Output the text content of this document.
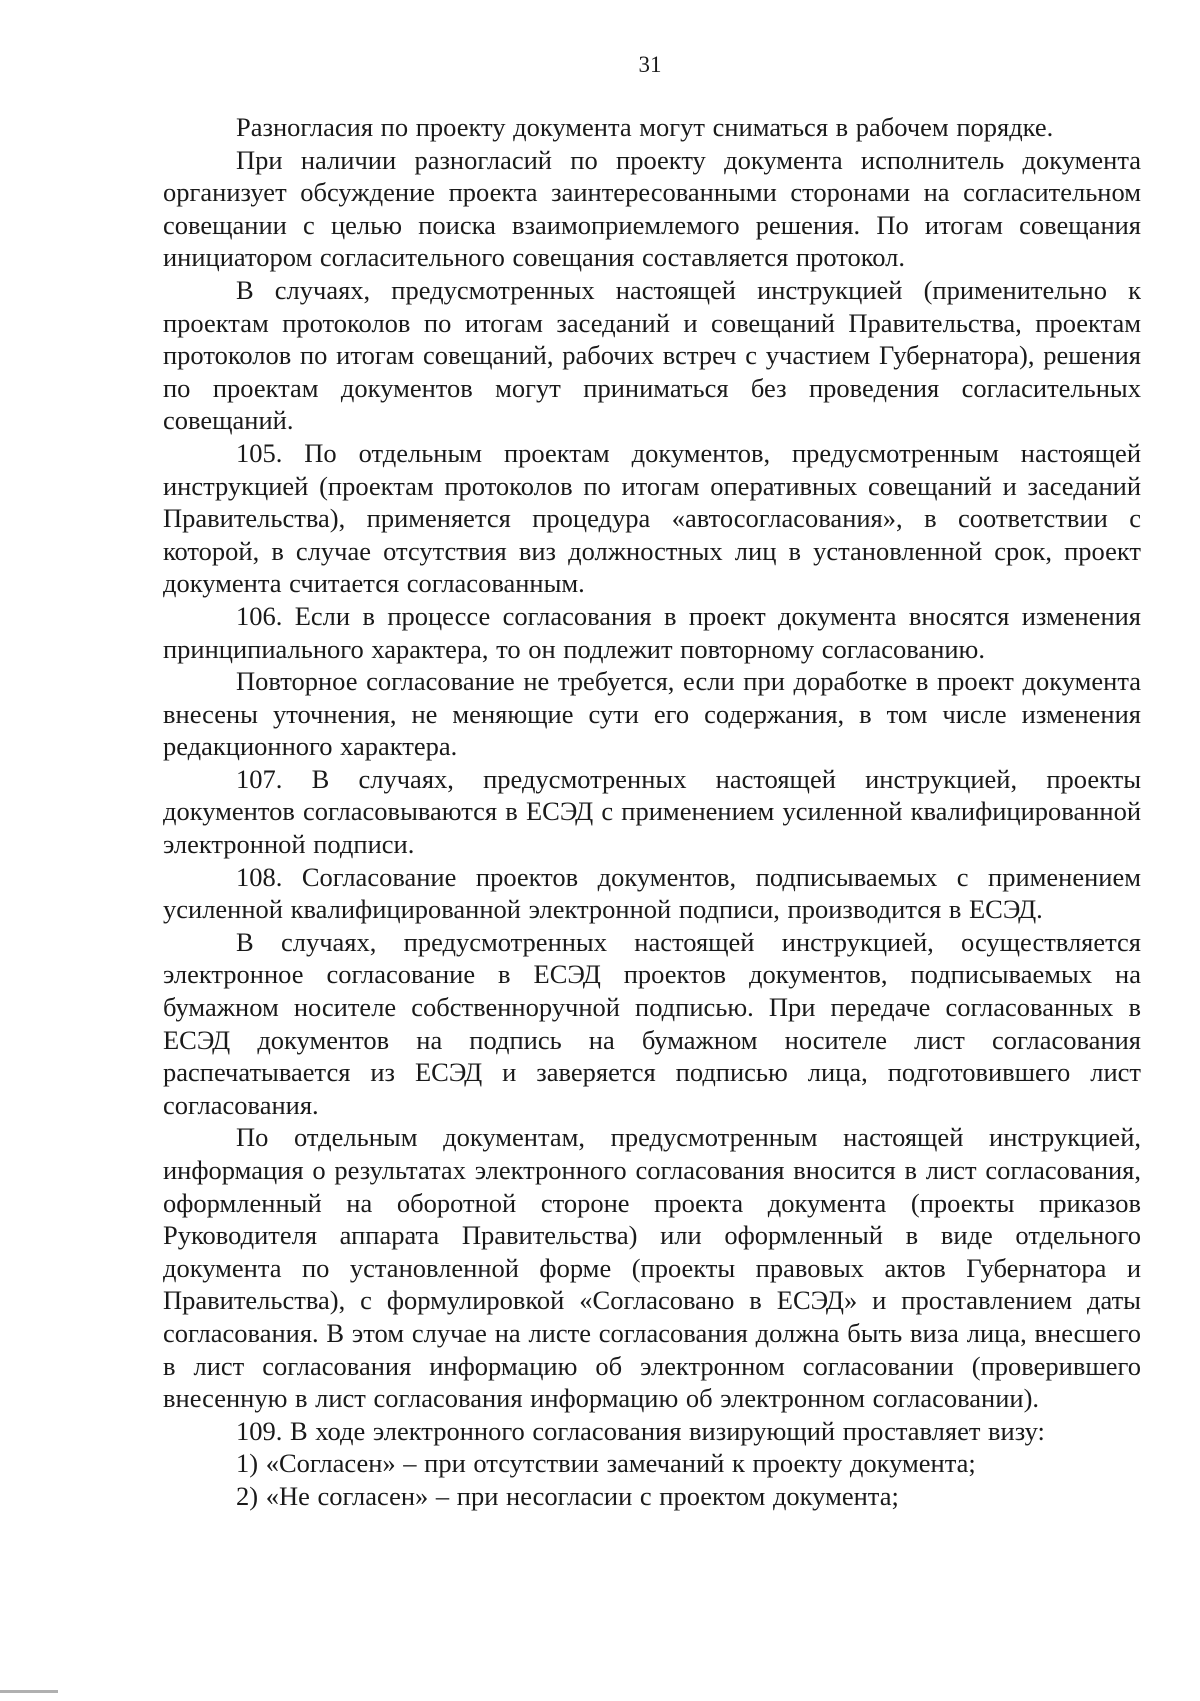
31

Разногласия по проекту документа могут сниматься в рабочем порядке.

При наличии разногласий по проекту документа исполнитель документа организует обсуждение проекта заинтересованными сторонами на согласительном совещании с целью поиска взаимоприемлемого решения. По итогам совещания инициатором согласительного совещания составляется протокол.

В случаях, предусмотренных настоящей инструкцией (применительно к проектам протоколов по итогам заседаний и совещаний Правительства, проектам протоколов по итогам совещаний, рабочих встреч с участием Губернатора), решения по проектам документов могут приниматься без проведения согласительных совещаний.

105. По отдельным проектам документов, предусмотренным настоящей инструкцией (проектам протоколов по итогам оперативных совещаний и заседаний Правительства), применяется процедура «автосогласования», в соответствии с которой, в случае отсутствия виз должностных лиц в установленной срок, проект документа считается согласованным.

106. Если в процессе согласования в проект документа вносятся изменения принципиального характера, то он подлежит повторному согласованию.

Повторное согласование не требуется, если при доработке в проект документа внесены уточнения, не меняющие сути его содержания, в том числе изменения редакционного характера.

107. В случаях, предусмотренных настоящей инструкцией, проекты документов согласовываются в ЕСЭД с применением усиленной квалифицированной электронной подписи.

108. Согласование проектов документов, подписываемых с применением усиленной квалифицированной электронной подписи, производится в ЕСЭД.

В случаях, предусмотренных настоящей инструкцией, осуществляется электронное согласование в ЕСЭД проектов документов, подписываемых на бумажном носителе собственноручной подписью. При передаче согласованных в ЕСЭД документов на подпись на бумажном носителе лист согласования распечатывается из ЕСЭД и заверяется подписью лица, подготовившего лист согласования.

По отдельным документам, предусмотренным настоящей инструкцией, информация о результатах электронного согласования вносится в лист согласования, оформленный на оборотной стороне проекта документа (проекты приказов Руководителя аппарата Правительства) или оформленный в виде отдельного документа по установленной форме (проекты правовых актов Губернатора и Правительства), с формулировкой «Согласовано в ЕСЭД» и проставлением даты согласования. В этом случае на листе согласования должна быть виза лица, внесшего в лист согласования информацию об электронном согласовании (проверившего внесенную в лист согласования информацию об электронном согласовании).

109. В ходе электронного согласования визирующий проставляет визу:

1) «Согласен» – при отсутствии замечаний к проекту документа;

2) «Не согласен» – при несогласии с проектом документа;
